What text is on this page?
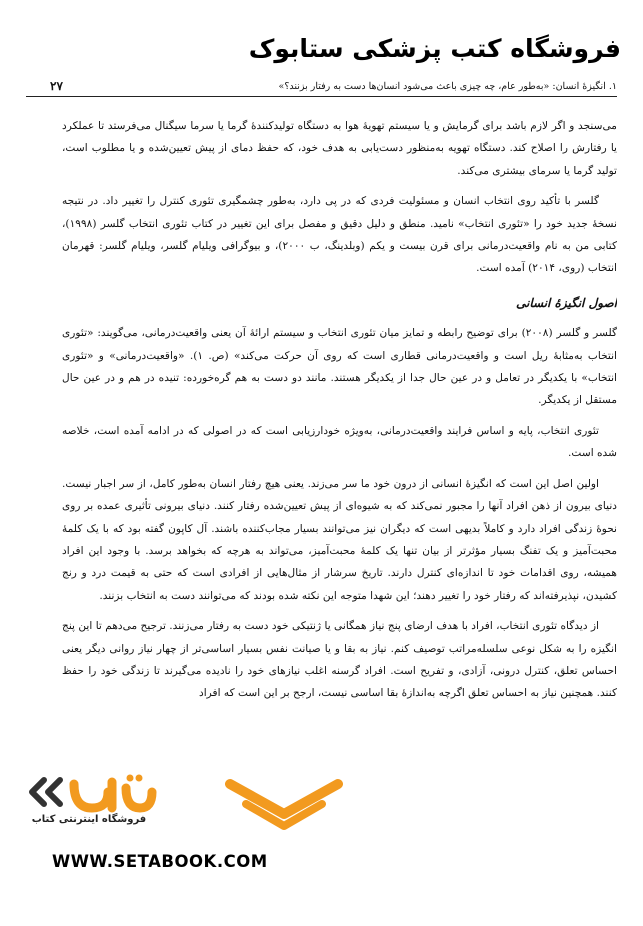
فروشگاه کتب پزشکی ستابوک
۱. انگیزهٔ انسان: «به‌طور عام، چه چیزی باعث می‌شود انسان‌ها دست به رفتار بزنند؟»
۲۷

می‌سنجد و اگر لازم باشد برای گرمایش و یا سیستم تهویهٔ هوا به دستگاه تولیدکنندهٔ گرما یا سرما سیگنال می‌فرستد تا عملکرد یا رفتارش را اصلاح کند. دستگاه تهویه به‌منظور دست‌یابی به هدف خود، که حفظ دمای از پیش تعیین‌شده و یا مطلوب است، تولید گرما یا سرمای بیشتری می‌کند.

گلسر با تأکید روی انتخاب انسان و مسئولیت فردی که در پی دارد، به‌طور چشمگیری تئوری کنترل را تغییر داد. در نتیجه نسخهٔ جدید خود را «تئوری انتخاب» نامید. منطق و دلیل دقیق و مفصل برای این تغییر در کتاب تئوری انتخاب گلسر (۱۹۹۸)، کتابی من به نام واقعیت‌درمانی برای قرن بیست و یکم (وبلدینگ، ب ۲۰۰۰)، و بیوگرافی ویلیام گلسر، ویلیام گلسر: قهرمان انتخاب (روی، ۲۰۱۴) آمده است.

اصول انگیزهٔ انسانی

گلسر و گلسر (۲۰۰۸) برای توضیح رابطه و تمایز میان تئوری انتخاب و سیستم ارائهٔ آن یعنی واقعیت‌درمانی، می‌گویند: «تئوری انتخاب به‌مثابهٔ ریل است و واقعیت‌درمانی قطاری است که روی آن حرکت می‌کند» (ص. ۱). «واقعیت‌درمانی» و «تئوری انتخاب» با یکدیگر در تعامل و در عین حال جدا از یکدیگر هستند. مانند دو دست به هم گره‌خورده: تنیده در هم و در عین حال مستقل از یکدیگر.

تئوری انتخاب، پایه و اساس فرایند واقعیت‌درمانی، به‌ویژه خودارزیابی است که در اصولی که در ادامه آمده است، خلاصه شده است.

اولین اصل این است که انگیزهٔ انسانی از درون خود ما سر می‌زند. یعنی هیچ رفتار انسان به‌طور کامل، از سر اجبار نیست. دنیای بیرون از ذهن افراد آنها را مجبور نمی‌کند که به شیوه‌ای از پیش تعیین‌شده رفتار کنند. دنیای بیرونی تأثیری عمده بر روی نحوهٔ زندگی افراد دارد و کاملاً بدیهی است که دیگران نیز می‌توانند بسیار مجاب‌کننده باشند. آل کاپون گفته بود که با یک کلمهٔ محبت‌آمیز و یک تفنگ بسیار مؤثرتر از بیان تنها یک کلمهٔ محبت‌آمیز، می‌تواند به هرچه که بخواهد برسد. با وجود این افراد همیشه، روی اقدامات خود تا اندازه‌ای کنترل دارند. تاریخ سرشار از مثال‌هایی از افرادی است که حتی به قیمت درد و رنج کشیدن، نپذیرفته‌اند که رفتار خود را تغییر دهند؛ این شهدا متوجه این نکته شده بودند که می‌توانند دست به انتخاب بزنند.

از دیدگاه تئوری انتخاب، افراد با هدف ارضای پنج نیاز همگانی یا ژنتیکی خود دست به رفتار می‌زنند. ترجیح می‌دهم تا این پنج انگیزه را به شکل نوعی سلسله‌مراتب توصیف کنم. نیاز به بقا و یا صیانت نفس بسیار اساسی‌تر از چهار نیاز روانی دیگر یعنی احساس تعلق، کنترل درونی، آزادی، و تفریح است. افراد گرسنه اغلب نیازهای خود را نادیده می‌گیرند تا زندگی خود را حفظ کنند. همچنین نیاز به احساس تعلق اگرچه به‌اندازهٔ بقا اساسی نیست، ارجح بر این است که افراد

فروشگاه اینترنتی کتاب
WWW.SETABOOK.COM
